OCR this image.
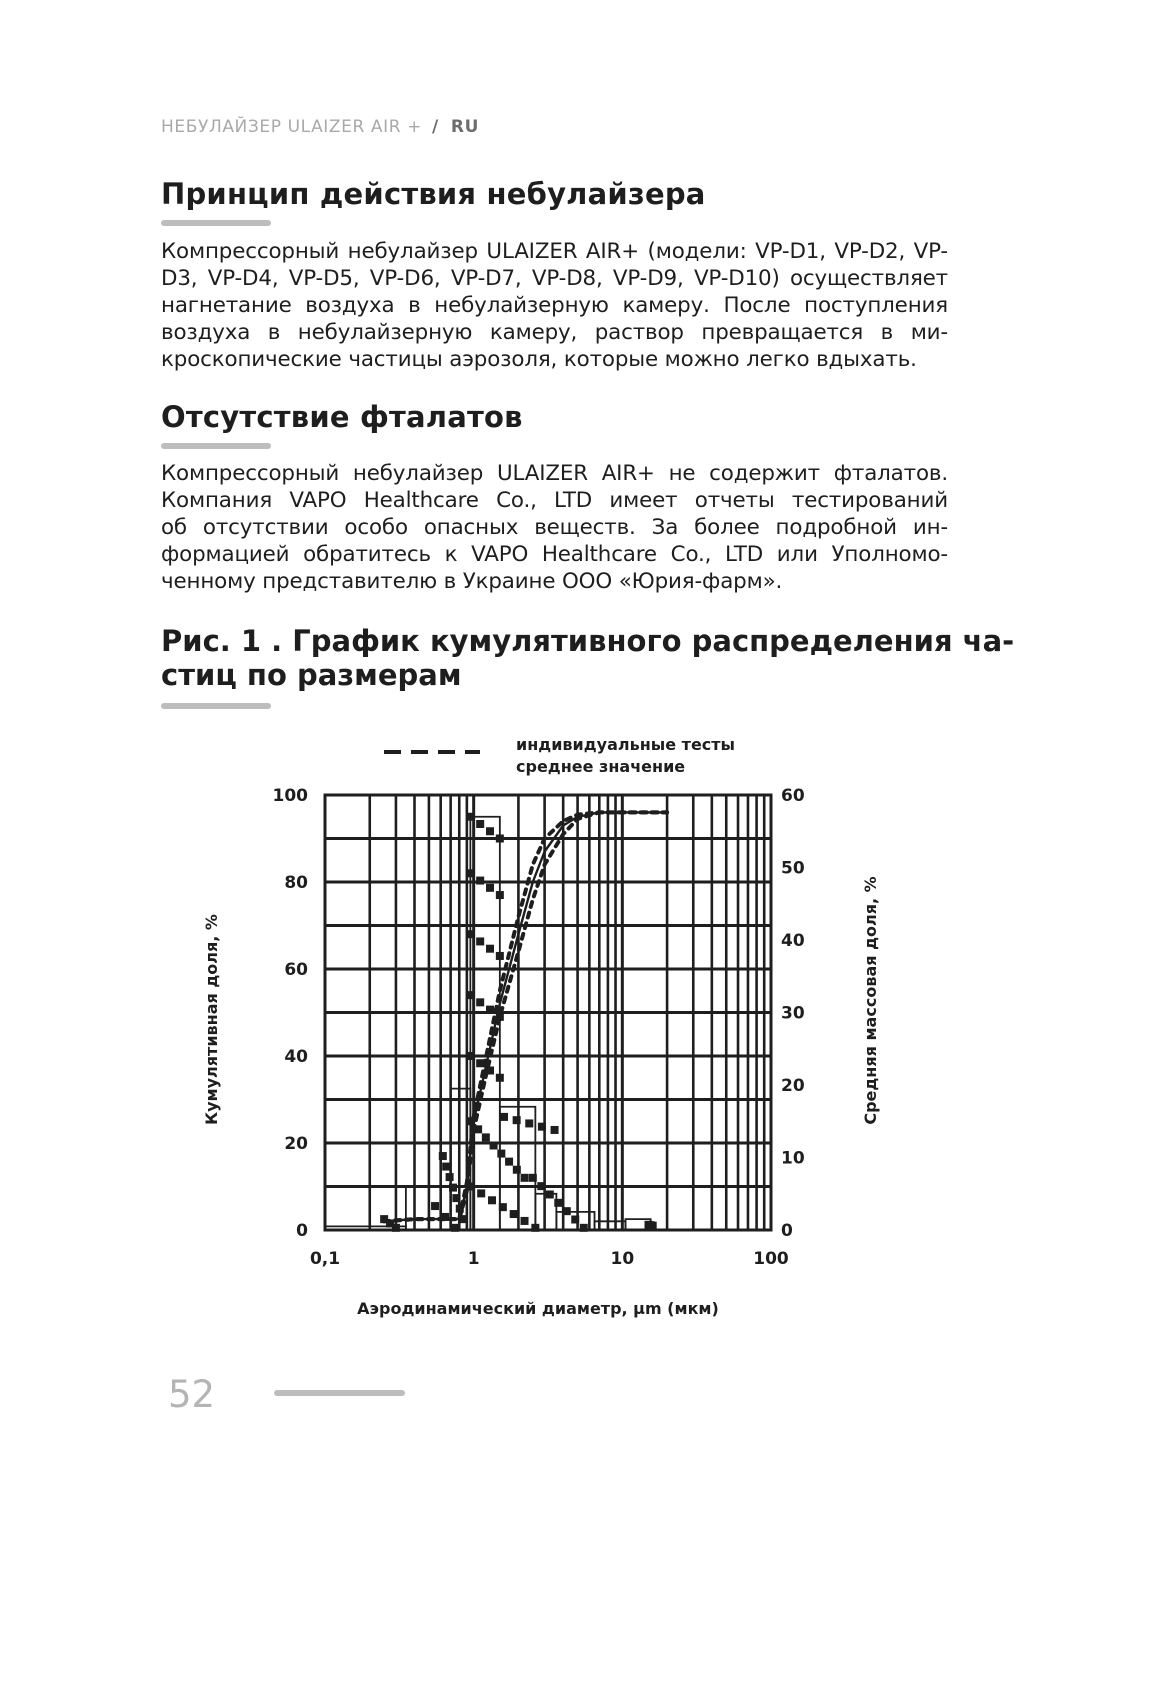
НЕБУЛАЙЗЕР ULAIZER AIR + / RU
Принцип действия небулайзера
Компрессорный небулайзер ULAIZER AIR+ (модели: VP-D1, VP-D2, VP-
D3, VP-D4, VP-D5, VP-D6, VP-D7, VP-D8, VP-D9, VP-D10) осуществляет
нагнетание воздуха в небулайзерную камеру. После поступления
воздуха в небулайзерную камеру, раствор превращается в ми-
кроскопические частицы аэрозоля, которые можно легко вдыхать.
Отсутствие фталатов
Компрессорный небулайзер ULAIZER AIR+ не содержит фталатов.
Компания VAPO Healthcare Co., LTD имеет отчеты тестирований
об отсутствии особо опасных веществ. За более подробной ин-
формацией обратитесь к VAPO Healthcare Co., LTD или Уполномо-
ченному представителю в Украине ООО «Юрия-фарм».
Рис. 1 . График кумулятивного распределения ча-
стиц по размерам
индивидуальные тесты
среднее значение
0
20
40
60
80
100
0
10
20
30
40
50
60
0,1	1	10	100
Кумулятивная доля, %	Средняя массовая доля, %
Аэродинамический диаметр, μm (мкм)
52
